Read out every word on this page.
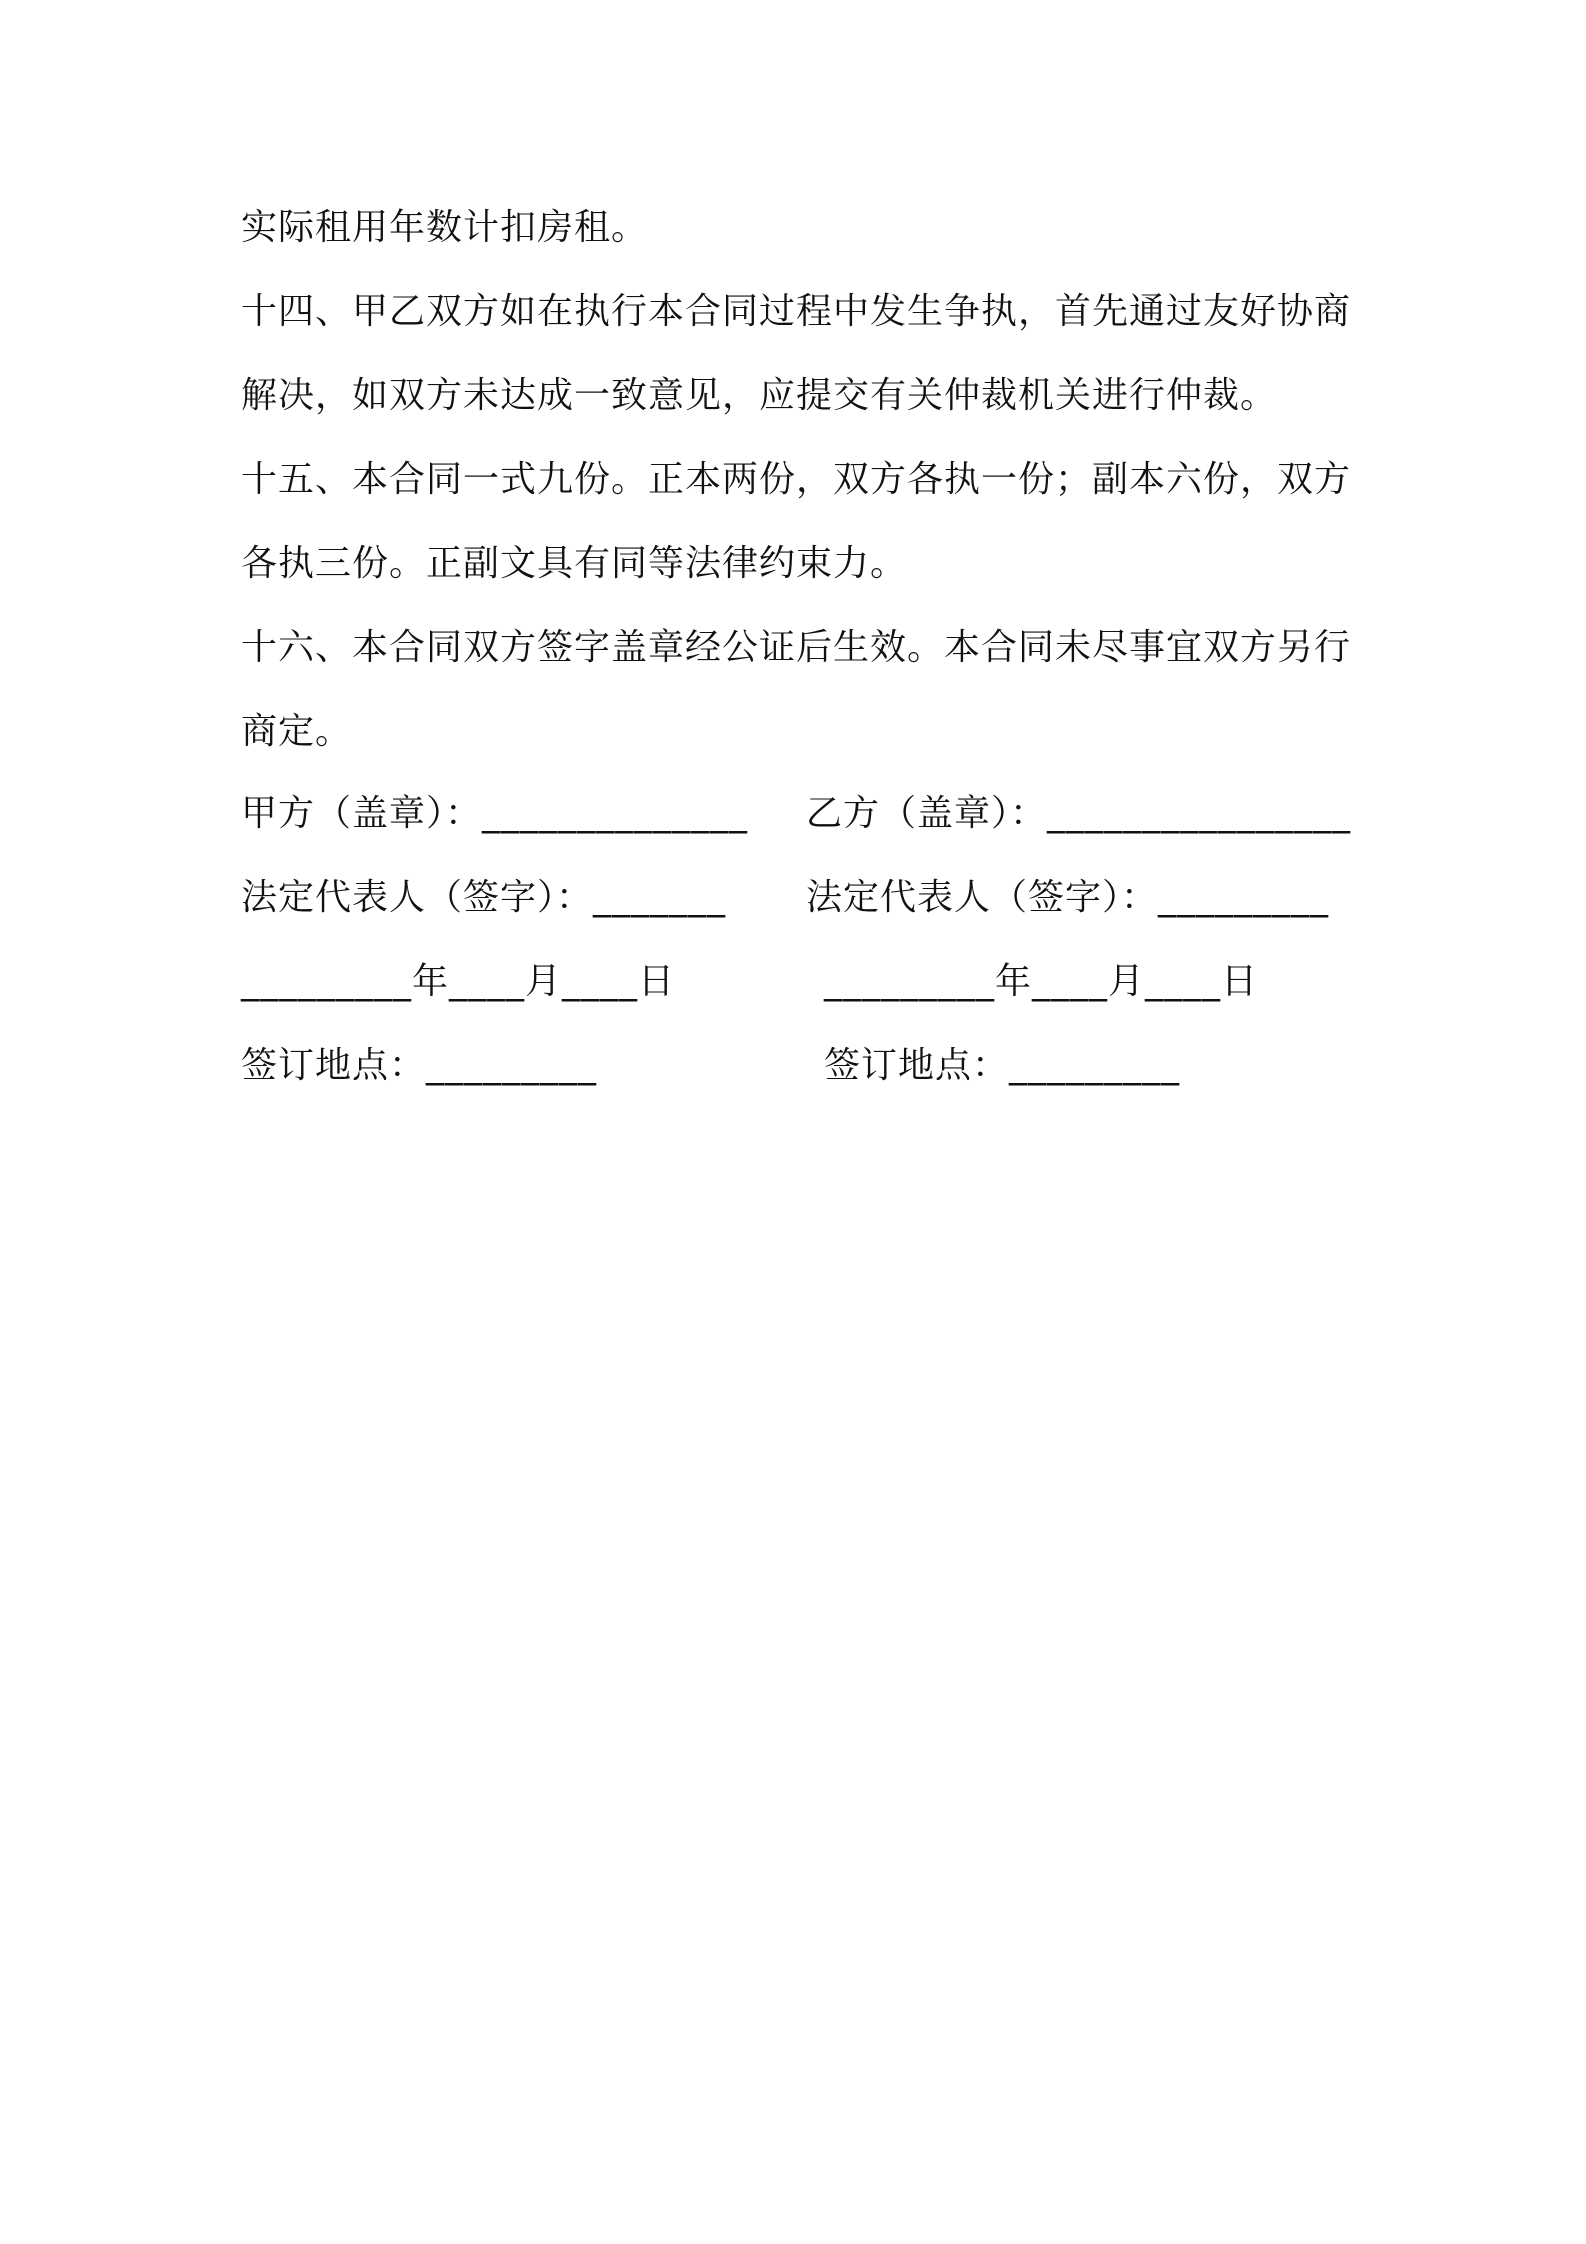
实际租用年数计扣房租。
十四、甲乙双方如在执行本合同过程中发生争执，首先通过友好协商
解决，如双方未达成一致意见，应提交有关仲裁机关进行仲裁。
十五、本合同一式九份。正本两份，双方各执一份；副本六份，双方
各执三份。正副文具有同等法律约束力。
十六、本合同双方签字盖章经公证后生效。本合同未尽事宜双方另行
商定。
甲方（盖章）：______________ 乙方（盖章）：________________
法定代表人（签字）：_______ 法定代表人（签字）：_________
_________年____月____日	_________年____月____日
签订地点：_________	签订地点：_________
